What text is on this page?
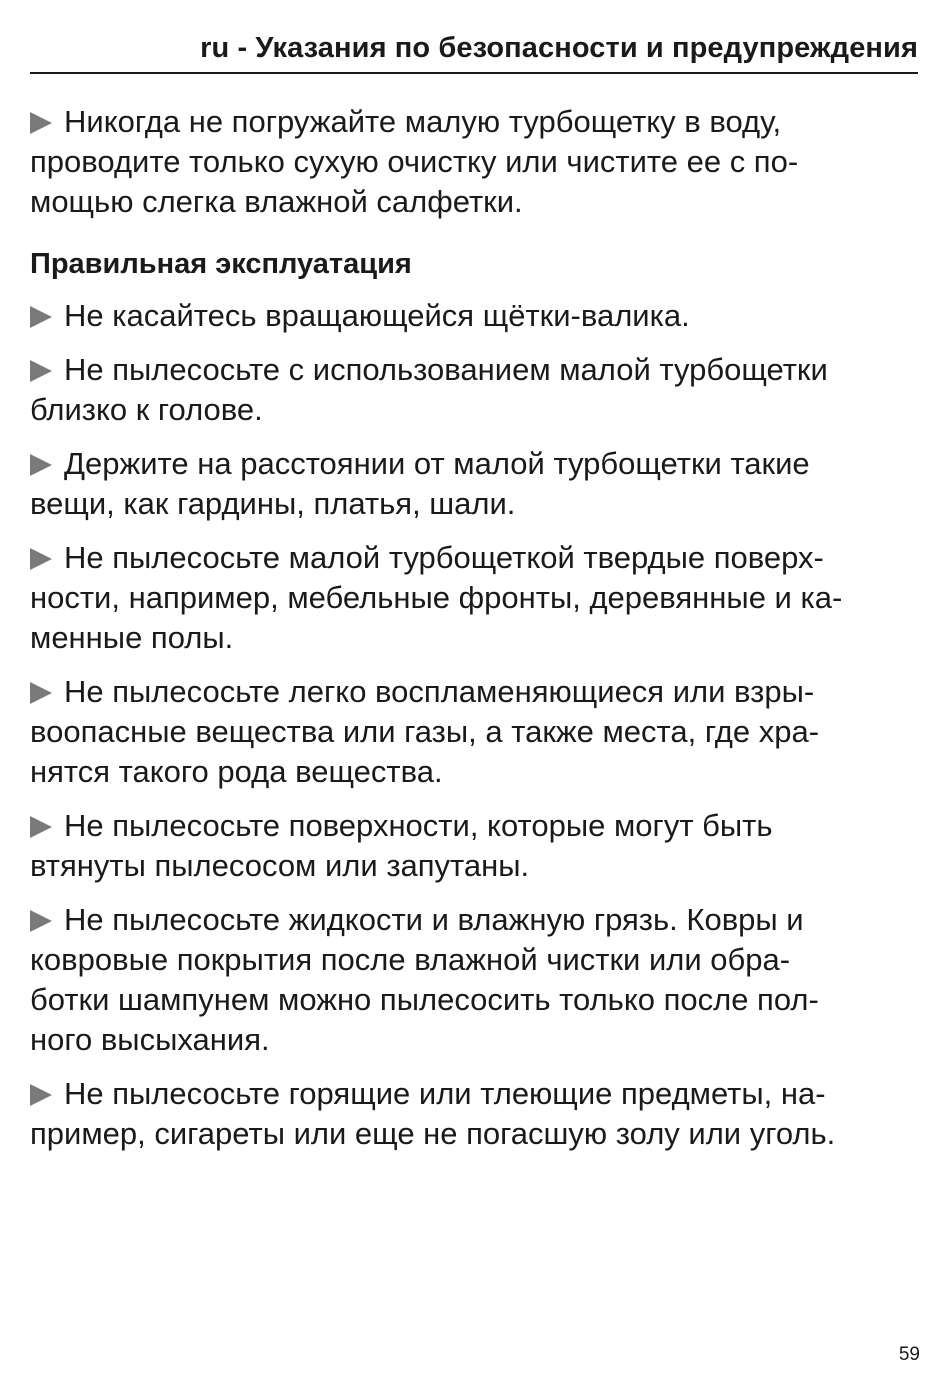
ru - Указания по безопасности и предупреждения

Никогда не погружайте малую турбощетку в воду,
проводите только сухую очистку или чистите ее с по-
мощью слегка влажной салфетки.

Правильная эксплуатация

Не касайтесь вращающейся щётки-валика.

Не пылесосьте с использованием малой турбощетки
близко к голове.

Держите на расстоянии от малой турбощетки такие
вещи, как гардины, платья, шали.

Не пылесосьте малой турбощеткой твердые поверх-
ности, например, мебельные фронты, деревянные и ка-
менные полы.

Не пылесосьте легко воспламеняющиеся или взры-
воопасные вещества или газы, а также места, где хра-
нятся такого рода вещества.

Не пылесосьте поверхности, которые могут быть
втянуты пылесосом или запутаны.

Не пылесосьте жидкости и влажную грязь. Ковры и
ковровые покрытия после влажной чистки или обра-
ботки шампунем можно пылесосить только после пол-
ного высыхания.

Не пылесосьте горящие или тлеющие предметы, на-
пример, сигареты или еще не погасшую золу или уголь.

59
